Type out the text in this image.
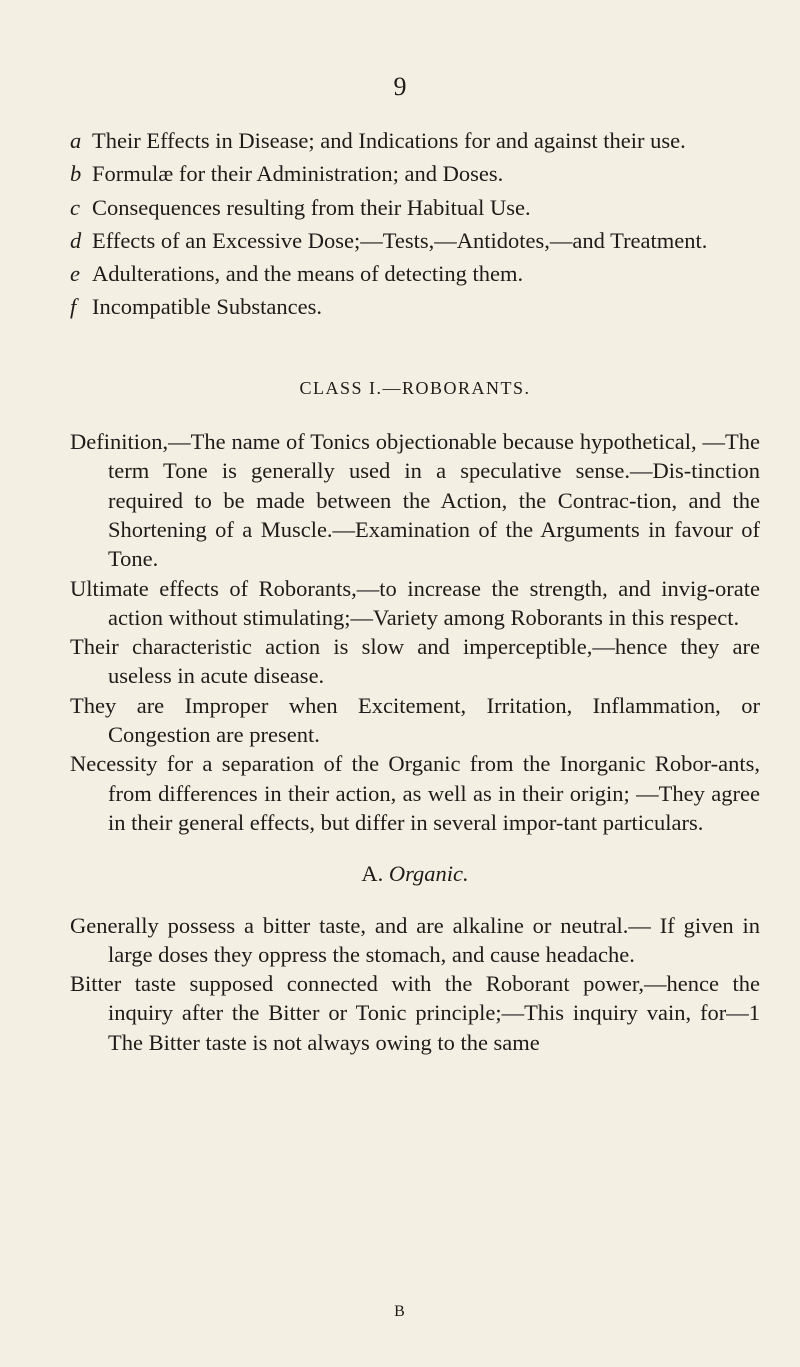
9

a Their Effects in Disease; and Indications for and against their use.

b Formulæ for their Administration; and Doses.

c Consequences resulting from their Habitual Use.

d Effects of an Excessive Dose;—Tests,—Antidotes,—and Treatment.

e Adulterations, and the means of detecting them.

f Incompatible Substances.

CLASS I.—ROBORANTS.

Definition,—The name of Tonics objectionable because hypothetical, —The term Tone is generally used in a speculative sense.—Dis-tinction required to be made between the Action, the Contrac-tion, and the Shortening of a Muscle.—Examination of the Arguments in favour of Tone.

Ultimate effects of Roborants,—to increase the strength, and invig-orate action without stimulating;—Variety among Roborants in this respect.

Their characteristic action is slow and imperceptible,—hence they are useless in acute disease.

They are Improper when Excitement, Irritation, Inflammation, or Congestion are present.

Necessity for a separation of the Organic from the Inorganic Robor-ants, from differences in their action, as well as in their origin; —They agree in their general effects, but differ in several impor-tant particulars.

A. Organic.

Generally possess a bitter taste, and are alkaline or neutral.— If given in large doses they oppress the stomach, and cause headache.

Bitter taste supposed connected with the Roborant power,—hence the inquiry after the Bitter or Tonic principle;—This inquiry vain, for—1 The Bitter taste is not always owing to the same

B
